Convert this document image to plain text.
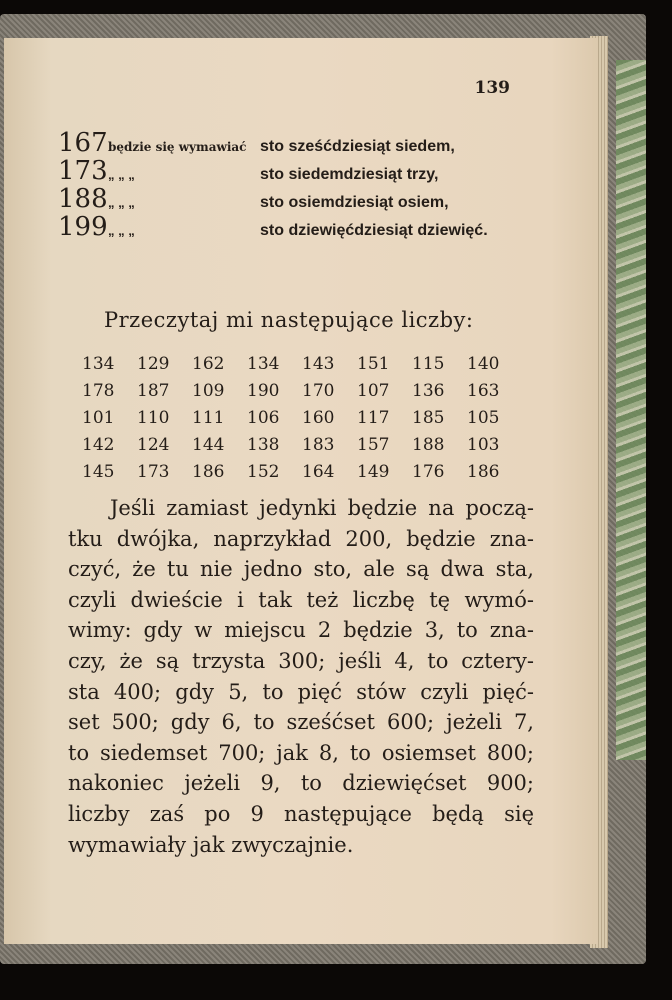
139
167 będzie się wymawiać sto sześćdziesiąt siedem,
173 „ „ „	sto siedemdziesiąt trzy,
188 „ „ „	sto osiemdziesiąt osiem,
199 „ „ „	sto dziewięćdziesiąt dziewięć.
Przeczytaj mi następujące liczby:
134	129	162	134	143	151	115	140
178	187	109	190	170	107	136	163
101	110	111	106	160	117	185	105
142	124	144	138	183	157	188	103
145	173	186	152	164	149	176	186
Jeśli zamiast jedynki będzie na począ-
tku dwójka, naprzykład 200, będzie zna-
czyć, że tu nie jedno sto, ale są dwa sta,
czyli dwieście i tak też liczbę tę wymó-
wimy: gdy w miejscu 2 będzie 3, to zna-
czy, że są trzysta 300; jeśli 4, to cztery-
sta 400; gdy 5, to pięć stów czyli pięć-
set 500; gdy 6, to sześćset 600; jeżeli 7,
to siedemset 700; jak 8, to osiemset 800;
nakoniec jeżeli 9, to dziewięćset 900;
liczby zaś po 9 następujące będą się
wymawiały jak zwyczajnie.
